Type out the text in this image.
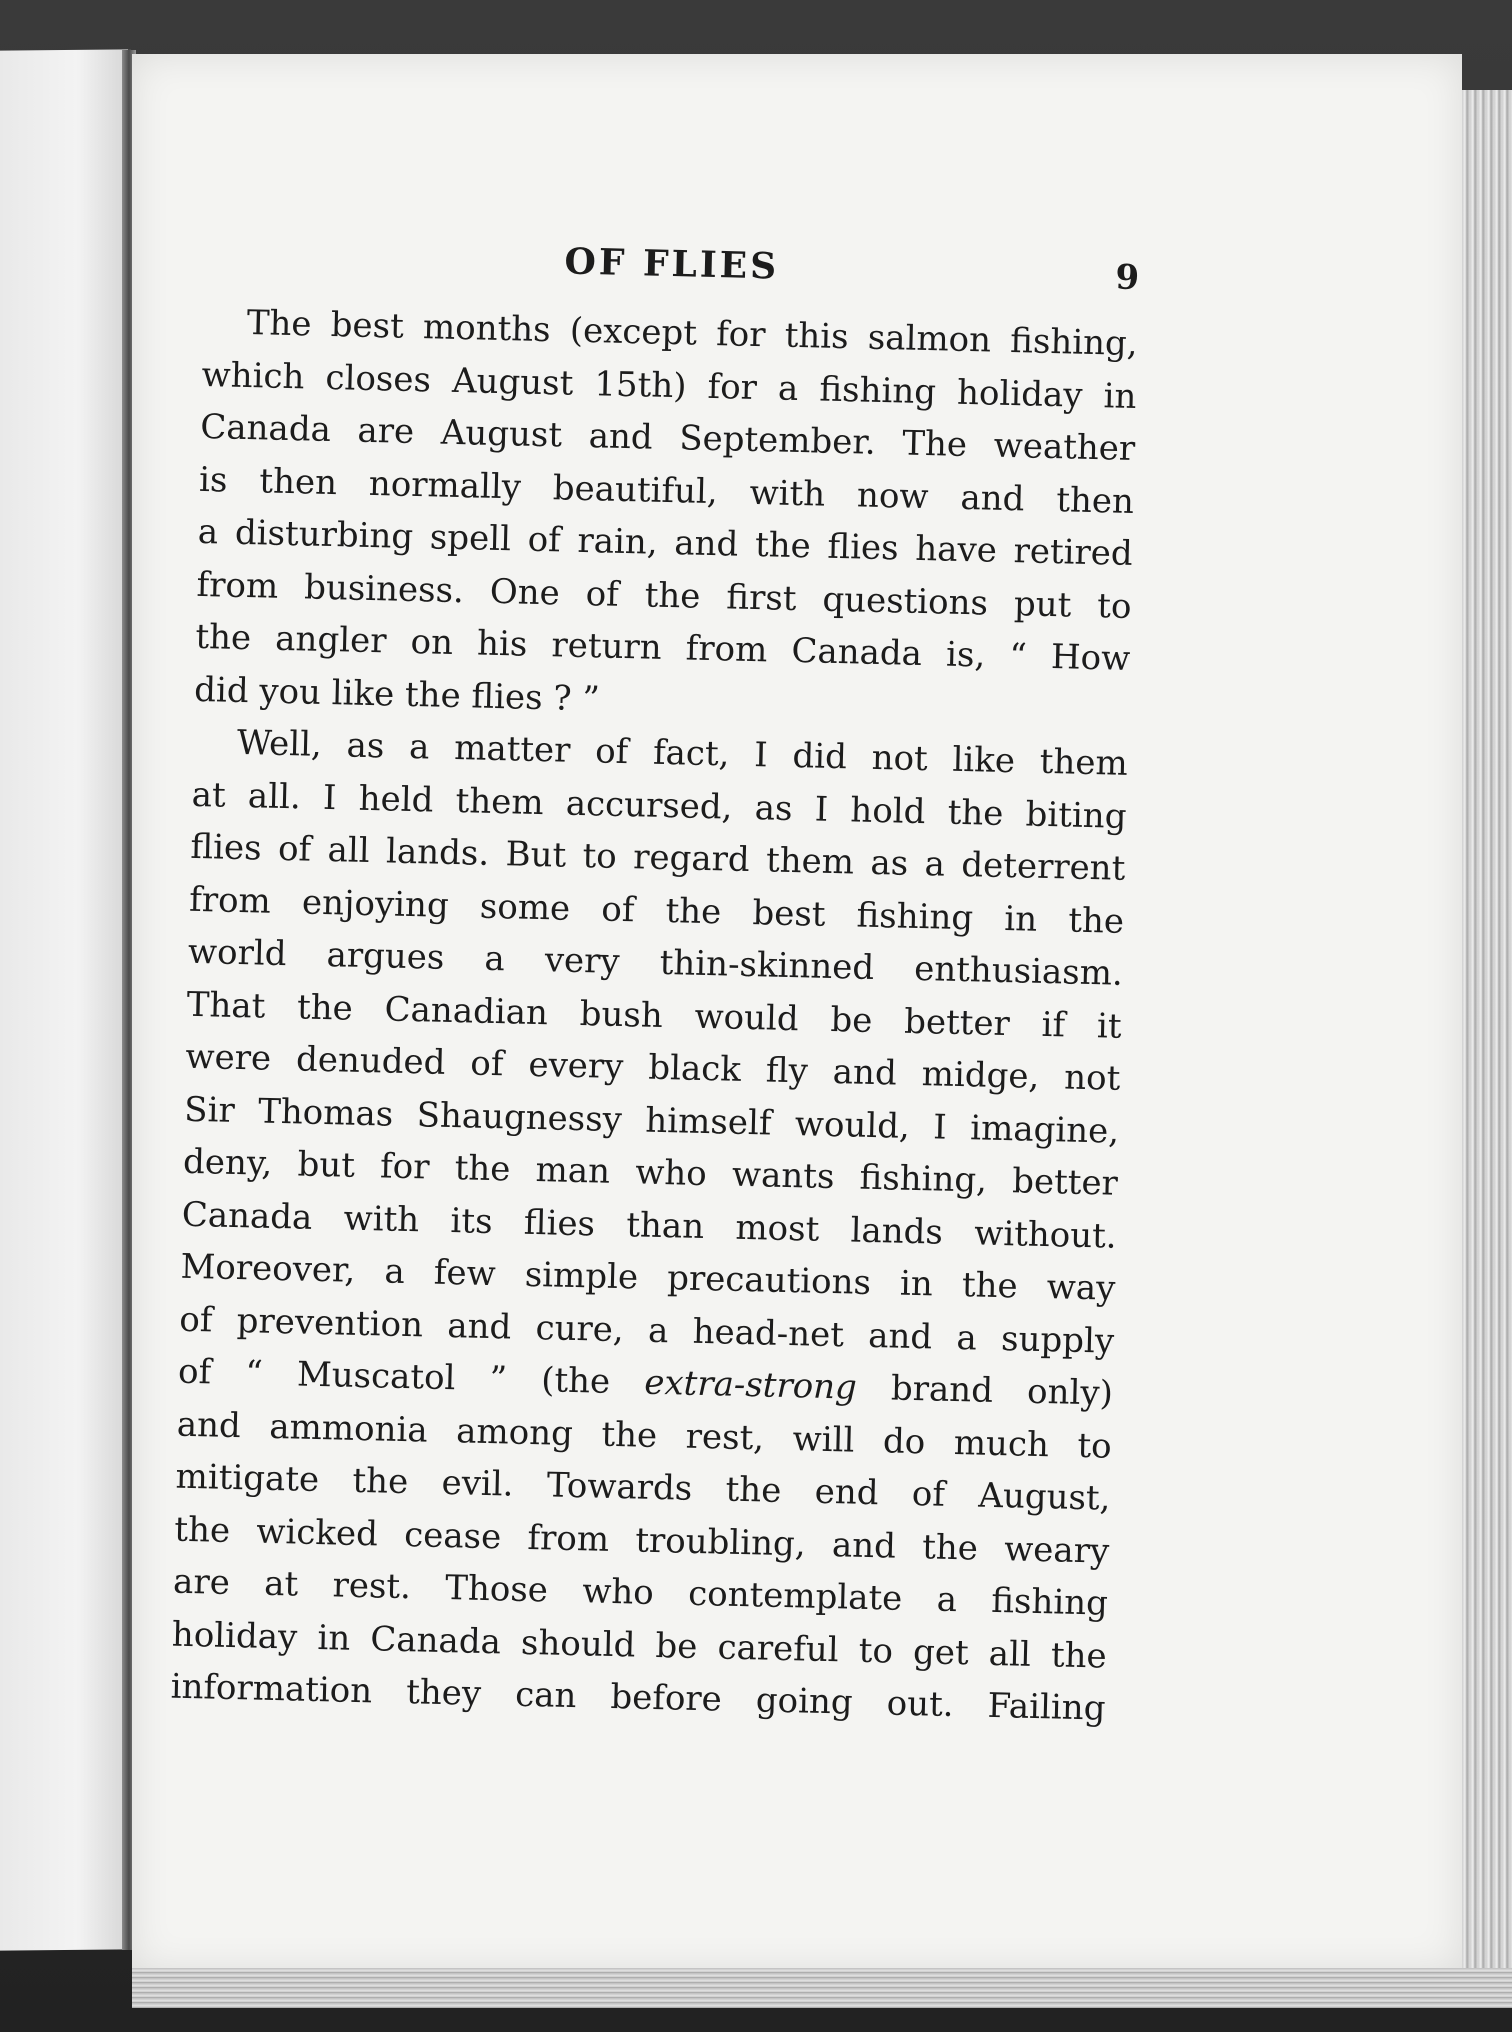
OF FLIES	9

The best months (except for this salmon fishing,
which closes August 15th) for a fishing holiday in
Canada are August and September. The weather
is then normally beautiful, with now and then
a disturbing spell of rain, and the flies have retired
from business. One of the first questions put to
the angler on his return from Canada is, “ How
did you like the flies ? ”

Well, as a matter of fact, I did not like them
at all. I held them accursed, as I hold the biting
flies of all lands. But to regard them as a deterrent
from enjoying some of the best fishing in the
world argues a very thin-skinned enthusiasm.
That the Canadian bush would be better if it
were denuded of every black fly and midge, not
Sir Thomas Shaugnessy himself would, I imagine,
deny, but for the man who wants fishing, better
Canada with its flies than most lands without.
Moreover, a few simple precautions in the way
of prevention and cure, a head-net and a supply
of “ Muscatol ” (the extra-strong brand only)
and ammonia among the rest, will do much to
mitigate the evil. Towards the end of August,
the wicked cease from troubling, and the weary
are at rest. Those who contemplate a fishing
holiday in Canada should be careful to get all the
information they can before going out. Failing
